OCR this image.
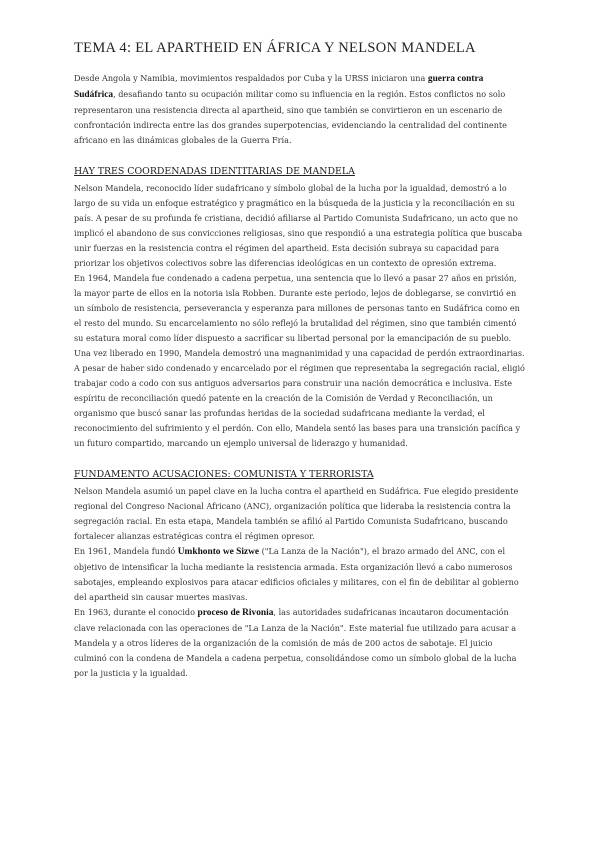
TEMA 4: EL APARTHEID EN ÁFRICA Y NELSON MANDELA

Desde Angola y Namibia, movimientos respaldados por Cuba y la URSS iniciaron una guerra contra Sudáfrica, desafiando tanto su ocupación militar como su influencia en la región. Estos conflictos no solo representaron una resistencia directa al apartheid, sino que también se convirtieron en un escenario de confrontación indirecta entre las dos grandes superpotencias, evidenciando la centralidad del continente africano en las dinámicas globales de la Guerra Fría.

HAY TRES COORDENADAS IDENTITARIAS DE MANDELA

Nelson Mandela, reconocido líder sudafricano y símbolo global de la lucha por la igualdad, demostró a lo largo de su vida un enfoque estratégico y pragmático en la búsqueda de la justicia y la reconciliación en su país. A pesar de su profunda fe cristiana, decidió afiliarse al Partido Comunista Sudafricano, un acto que no implicó el abandono de sus convicciones religiosas, sino que respondió a una estrategia política que buscaba unir fuerzas en la resistencia contra el régimen del apartheid. Esta decisión subraya su capacidad para priorizar los objetivos colectivos sobre las diferencias ideológicas en un contexto de opresión extrema.

En 1964, Mandela fue condenado a cadena perpetua, una sentencia que lo llevó a pasar 27 años en prisión, la mayor parte de ellos en la notoria isla Robben. Durante este periodo, lejos de doblegarse, se convirtió en un símbolo de resistencia, perseverancia y esperanza para millones de personas tanto en Sudáfrica como en el resto del mundo. Su encarcelamiento no sólo reflejó la brutalidad del régimen, sino que también cimentó su estatura moral como líder dispuesto a sacrificar su libertad personal por la emancipación de su pueblo.

Una vez liberado en 1990, Mandela demostró una magnanimidad y una capacidad de perdón extraordinarias. A pesar de haber sido condenado y encarcelado por el régimen que representaba la segregación racial, eligió trabajar codo a codo con sus antiguos adversarios para construir una nación democrática e inclusiva. Este espíritu de reconciliación quedó patente en la creación de la Comisión de Verdad y Reconciliación, un organismo que buscó sanar las profundas heridas de la sociedad sudafricana mediante la verdad, el reconocimiento del sufrimiento y el perdón. Con ello, Mandela sentó las bases para una transición pacífica y un futuro compartido, marcando un ejemplo universal de liderazgo y humanidad.

FUNDAMENTO ACUSACIONES: COMUNISTA Y TERRORISTA

Nelson Mandela asumió un papel clave en la lucha contra el apartheid en Sudáfrica. Fue elegido presidente regional del Congreso Nacional Africano (ANC), organización política que lideraba la resistencia contra la segregación racial. En esta etapa, Mandela también se afilió al Partido Comunista Sudafricano, buscando fortalecer alianzas estratégicas contra el régimen opresor.

En 1961, Mandela fundó Umkhonto we Sizwe ("La Lanza de la Nación"), el brazo armado del ANC, con el objetivo de intensificar la lucha mediante la resistencia armada. Esta organización llevó a cabo numerosos sabotajes, empleando explosivos para atacar edificios oficiales y militares, con el fin de debilitar al gobierno del apartheid sin causar muertes masivas.

En 1963, durante el conocido proceso de Rivonia, las autoridades sudafricanas incautaron documentación clave relacionada con las operaciones de "La Lanza de la Nación". Este material fue utilizado para acusar a Mandela y a otros líderes de la organización de la comisión de más de 200 actos de sabotaje. El juicio culminó con la condena de Mandela a cadena perpetua, consolidándose como un símbolo global de la lucha por la justicia y la igualdad.
